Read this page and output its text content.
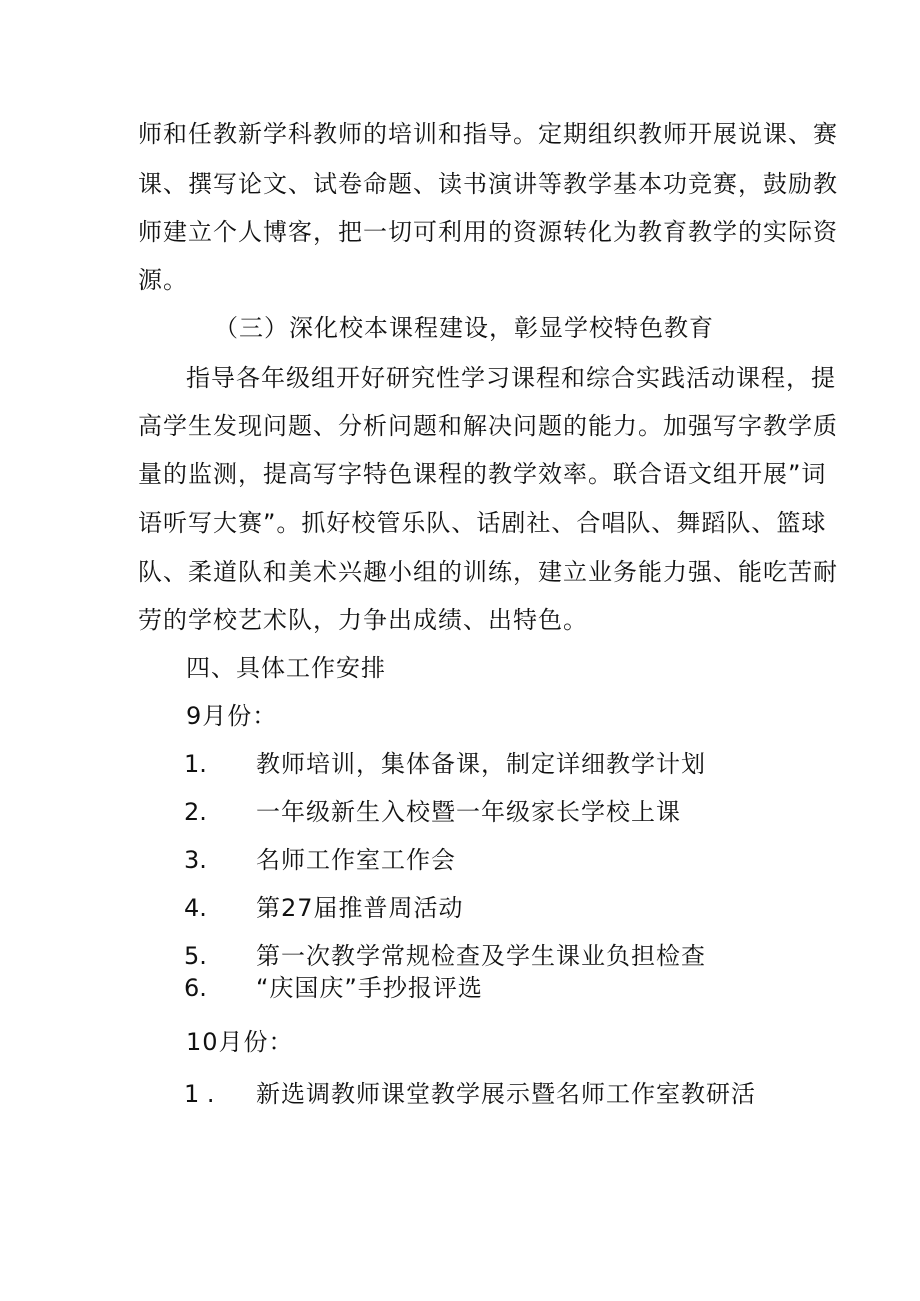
师和任教新学科教师的培训和指导。定期组织教师开展说课、赛
课、撰写论文、试卷命题、读书演讲等教学基本功竞赛，鼓励教
师建立个人博客，把一切可利用的资源转化为教育教学的实际资
源。
（三）深化校本课程建设，彰显学校特色教育
指导各年级组开好研究性学习课程和综合实践活动课程，提
高学生发现问题、分析问题和解决问题的能力。加强写字教学质
量的监测，提高写字特色课程的教学效率。联合语文组开展”词
语听写大赛”。抓好校管乐队、话剧社、合唱队、舞蹈队、篮球
队、柔道队和美术兴趣小组的训练，建立业务能力强、能吃苦耐
劳的学校艺术队，力争出成绩、出特色。
四、具体工作安排
9月份：
1. 教师培训，集体备课，制定详细教学计划
2. 一年级新生入校暨一年级家长学校上课
3. 名师工作室工作会
4. 第27届推普周活动
5. 第一次教学常规检查及学生课业负担检查
6. “庆国庆”手抄报评选
10月份：
1 . 新选调教师课堂教学展示暨名师工作室教研活
